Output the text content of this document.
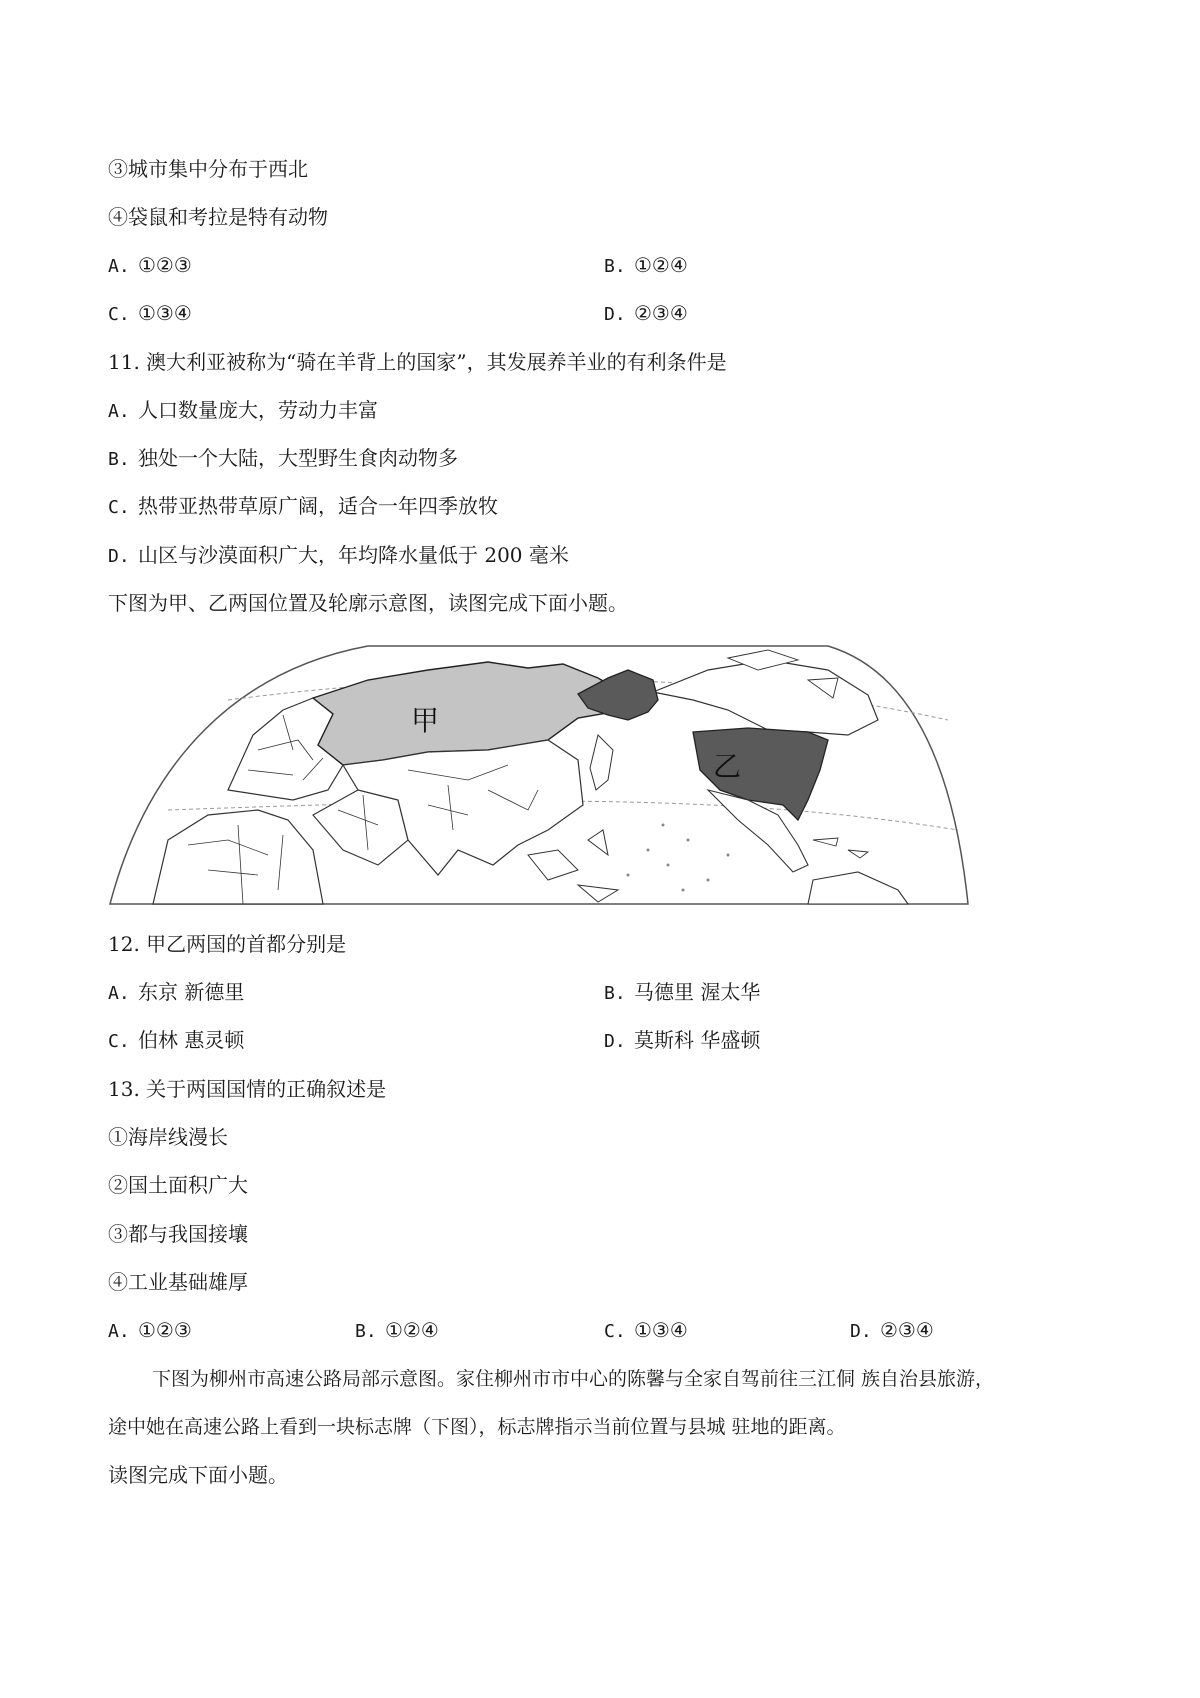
③城市集中分布于西北
④袋鼠和考拉是特有动物
A. ①②③	B. ①②④
C. ①③④	D. ②③④
11. 澳大利亚被称为“骑在羊背上的国家”，其发展养羊业的有利条件是
A. 人口数量庞大，劳动力丰富
B. 独处一个大陆，大型野生食肉动物多
C. 热带亚热带草原广阔，适合一年四季放牧
D. 山区与沙漠面积广大，年均降水量低于 200 毫米
下图为甲、乙两国位置及轮廓示意图，读图完成下面小题。
甲
乙
12. 甲乙两国的首都分别是
A. 东京 新德里	B. 马德里 渥太华
C. 伯林 惠灵顿	D. 莫斯科 华盛顿
13. 关于两国国情的正确叙述是
①海岸线漫长
②国土面积广大
③都与我国接壤
④工业基础雄厚
A. ①②③	B. ①②④	C. ①③④	D. ②③④
下图为柳州市高速公路局部示意图。家住柳州市市中心的陈馨与全家自驾前往三江侗 族自治县旅游，
途中她在高速公路上看到一块标志牌（下图），标志牌指示当前位置与县城 驻地的距离。
读图完成下面小题。
